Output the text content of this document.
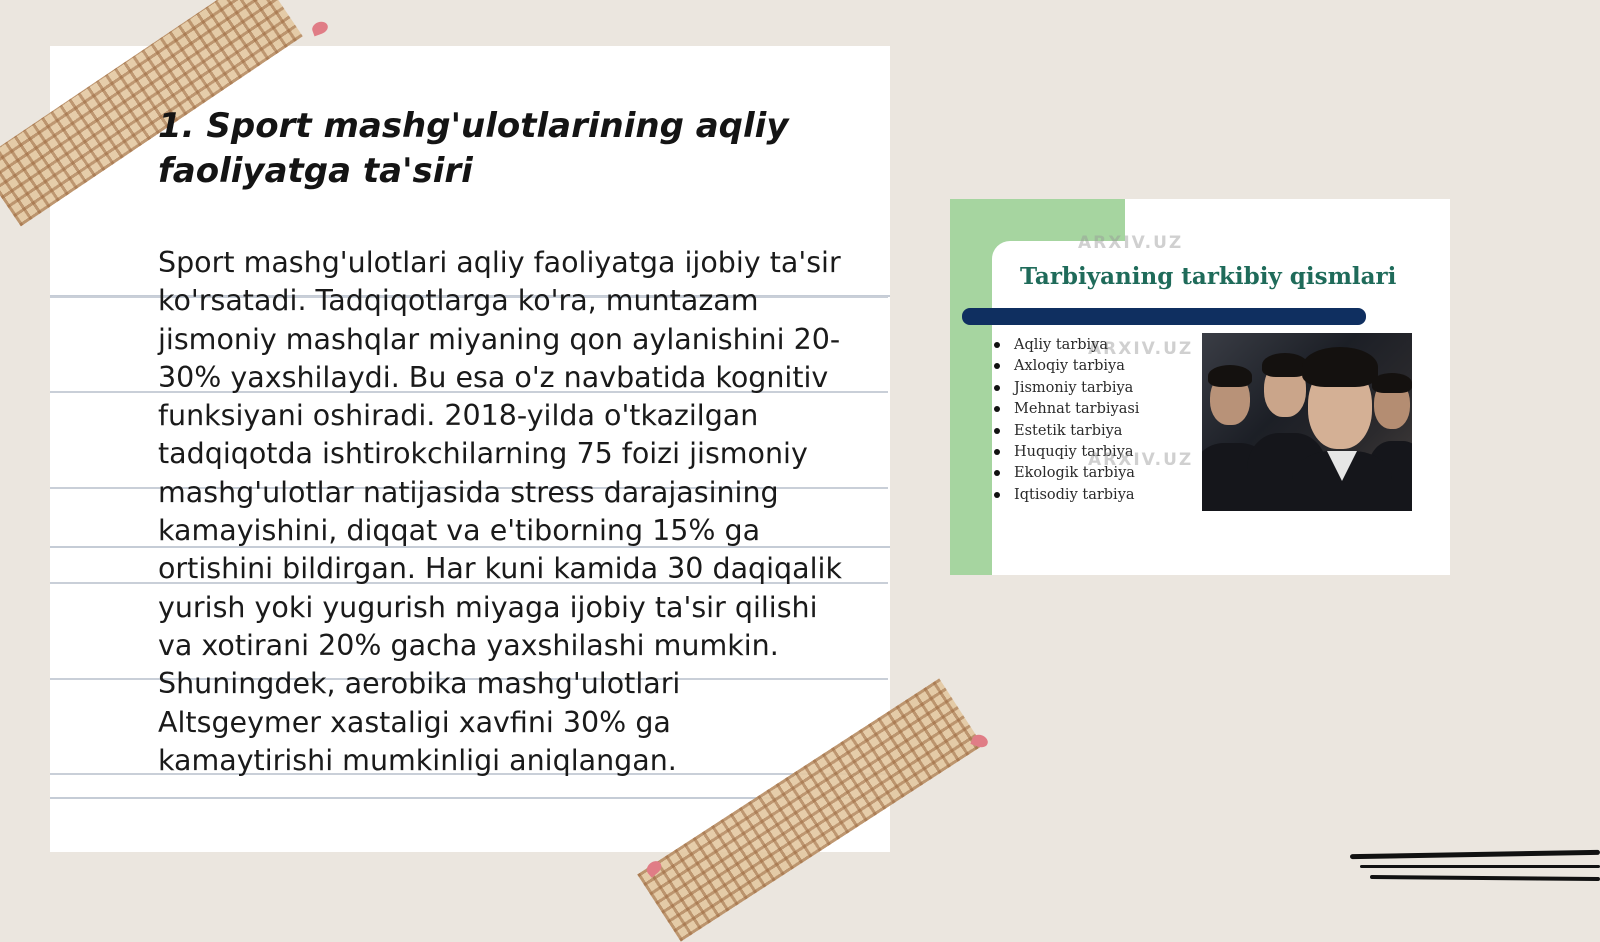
1. Sport mashg'ulotlarining aqliy faoliyatga ta'siri

Sport mashg'ulotlari aqliy faoliyatga ijobiy ta'sir ko'rsatadi. Tadqiqotlarga ko'ra, muntazam jismoniy mashqlar miyaning qon aylanishini 20-30% yaxshilaydi. Bu esa o'z navbatida kognitiv funksiyani oshiradi. 2018-yilda o'tkazilgan tadqiqotda ishtirokchilarning 75 foizi jismoniy mashg'ulotlar natijasida stress darajasining kamayishini, diqqat va e'tiborning 15% ga ortishini bildirgan. Har kuni kamida 30 daqiqalik yurish yoki yugurish miyaga ijobiy ta'sir qilishi va xotirani 20% gacha yaxshilashi mumkin. Shuningdek, aerobika mashg'ulotlari Altsgeymer xastaligi xavfini 30% ga kamaytirishi mumkinligi aniqlangan.

ARXIV.UZ
Tarbiyaning tarkibiy qismlari
ARXIV.UZ
Aqliy tarbiya
Axloqiy tarbiya
Jismoniy tarbiya
Mehnat tarbiyasi
Estetik tarbiya
Huquqiy tarbiya
Ekologik tarbiya
Iqtisodiy tarbiya
ARXIV.UZ
